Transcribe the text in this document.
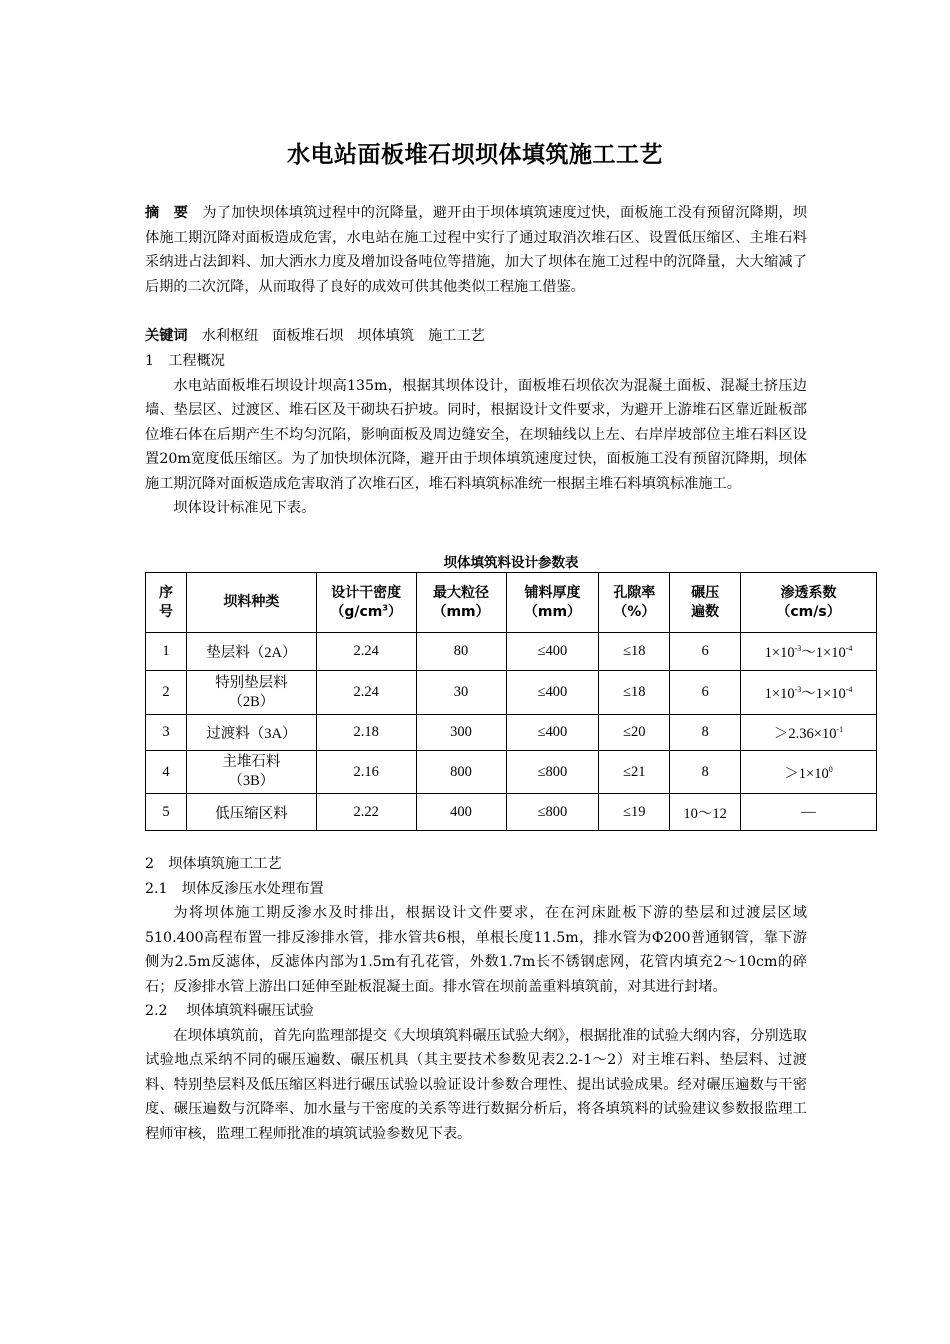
水电站面板堆石坝坝体填筑施工工艺
摘　要 为了加快坝体填筑过程中的沉降量，避开由于坝体填筑速度过快，面板施工没有预留沉降期，坝体施工期沉降对面板造成危害，水电站在施工过程中实行了通过取消次堆石区、设置低压缩区、主堆石料采纳进占法卸料、加大洒水力度及增加设备吨位等措施，加大了坝体在施工过程中的沉降量，大大缩减了后期的二次沉降，从而取得了良好的成效可供其他类似工程施工借鉴。
关键词 水利枢纽 面板堆石坝 坝体填筑 施工工艺
1　工程概况
水电站面板堆石坝设计坝高135m，根据其坝体设计，面板堆石坝依次为混凝土面板、混凝土挤压边墙、垫层区、过渡区、堆石区及干砌块石护坡。同时，根据设计文件要求，为避开上游堆石区靠近趾板部位堆石体在后期产生不均匀沉陷，影响面板及周边缝安全，在坝轴线以上左、右岸岸坡部位主堆石料区设置20m宽度低压缩区。为了加快坝体沉降，避开由于坝体填筑速度过快，面板施工没有预留沉降期，坝体施工期沉降对面板造成危害取消了次堆石区，堆石料填筑标准统一根据主堆石料填筑标准施工。
坝体设计标准见下表。
坝体填筑料设计参数表
序号	坝料种类	设计干密度$(g/cm^3)$	最大粒径（mm）	铺料厚度（mm）	孔隙率（%）	碾压遍数	渗透系数（cm/s）
1	垫层料（2A）	2.24	80	≤400	≤18	6	$1\times 10^{-3}\sim 1\times 10^{-4}$
2	特别垫层料（2B）	2.24	30	≤400	≤18	6	$1\times 10^{-3}\sim 1\times 10^{-4}$
3	过渡料（3A）	2.18	300	≤400	≤20	8	$>2.36\times 10^{-1}$
4	主堆石料（3B）	2.16	800	≤800	≤21	8	$>1\times 10^0$
5	低压缩区料	2.22	400	≤800	≤19	10～12	—
2　坝体填筑施工工艺
2.1　坝体反渗压水处理布置
为将坝体施工期反渗水及时排出，根据设计文件要求，在在河床趾板下游的垫层和过渡层区域510.400高程布置一排反渗排水管，排水管共6根，单根长度11.5m，排水管为Φ200普通钢管，靠下游侧为2.5m反滤体，反滤体内部为1.5m有孔花管，外数1.7m长不锈钢虑网，花管内填充2～10cm的碎石；反渗排水管上游出口延伸至趾板混凝土面。排水管在坝前盖重料填筑前，对其进行封堵。
2.2　 坝体填筑料碾压试验
在坝体填筑前，首先向监理部提交《大坝填筑料碾压试验大纲》，根据批准的试验大纲内容，分别选取试验地点采纳不同的碾压遍数、碾压机具（其主要技术参数见表2.2-1～2）对主堆石料、垫层料、过渡料、特别垫层料及低压缩区料进行碾压试验以验证设计参数合理性、提出试验成果。经对碾压遍数与干密度、碾压遍数与沉降率、加水量与干密度的关系等进行数据分析后，将各填筑料的试验建议参数报监理工程师审核，监理工程师批准的填筑试验参数见下表。
